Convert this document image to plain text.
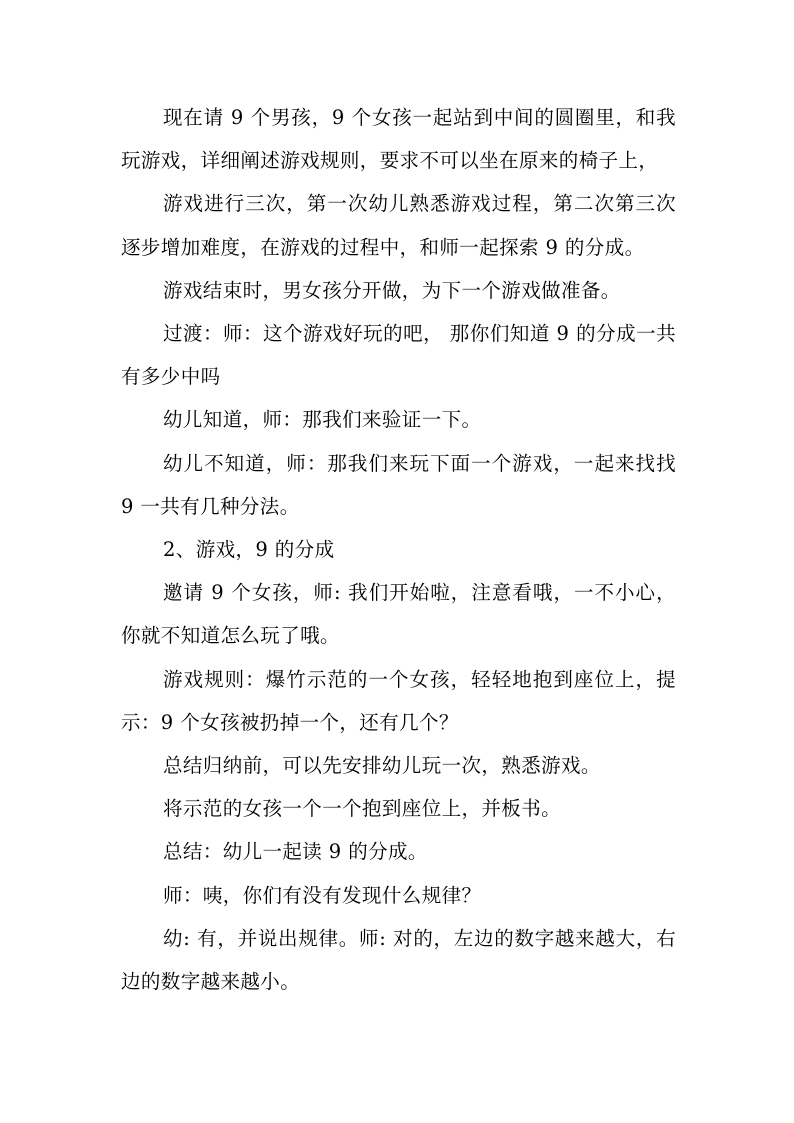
现在请 9 个男孩，9 个女孩一起站到中间的圆圈里，和我玩游戏，详细阐述游戏规则，要求不可以坐在原来的椅子上，

游戏进行三次，第一次幼儿熟悉游戏过程，第二次第三次逐步增加难度，在游戏的过程中，和师一起探索 9 的分成。

游戏结束时，男女孩分开做，为下一个游戏做准备。

过渡：师：这个游戏好玩的吧， 那你们知道 9 的分成一共有多少中吗

幼儿知道，师：那我们来验证一下。

幼儿不知道，师：那我们来玩下面一个游戏，一起来找找 9 一共有几种分法。

2、游戏，9 的分成

邀请 9 个女孩，师: 我们开始啦，注意看哦，一不小心，你就不知道怎么玩了哦。

游戏规则：爆竹示范的一个女孩，轻轻地抱到座位上，提示：9 个女孩被扔掉一个，还有几个？

总结归纳前，可以先安排幼儿玩一次，熟悉游戏。

将示范的女孩一个一个抱到座位上，并板书。

总结：幼儿一起读 9 的分成。

师：咦，你们有没有发现什么规律？

幼: 有，并说出规律。师: 对的，左边的数字越来越大，右边的数字越来越小。
